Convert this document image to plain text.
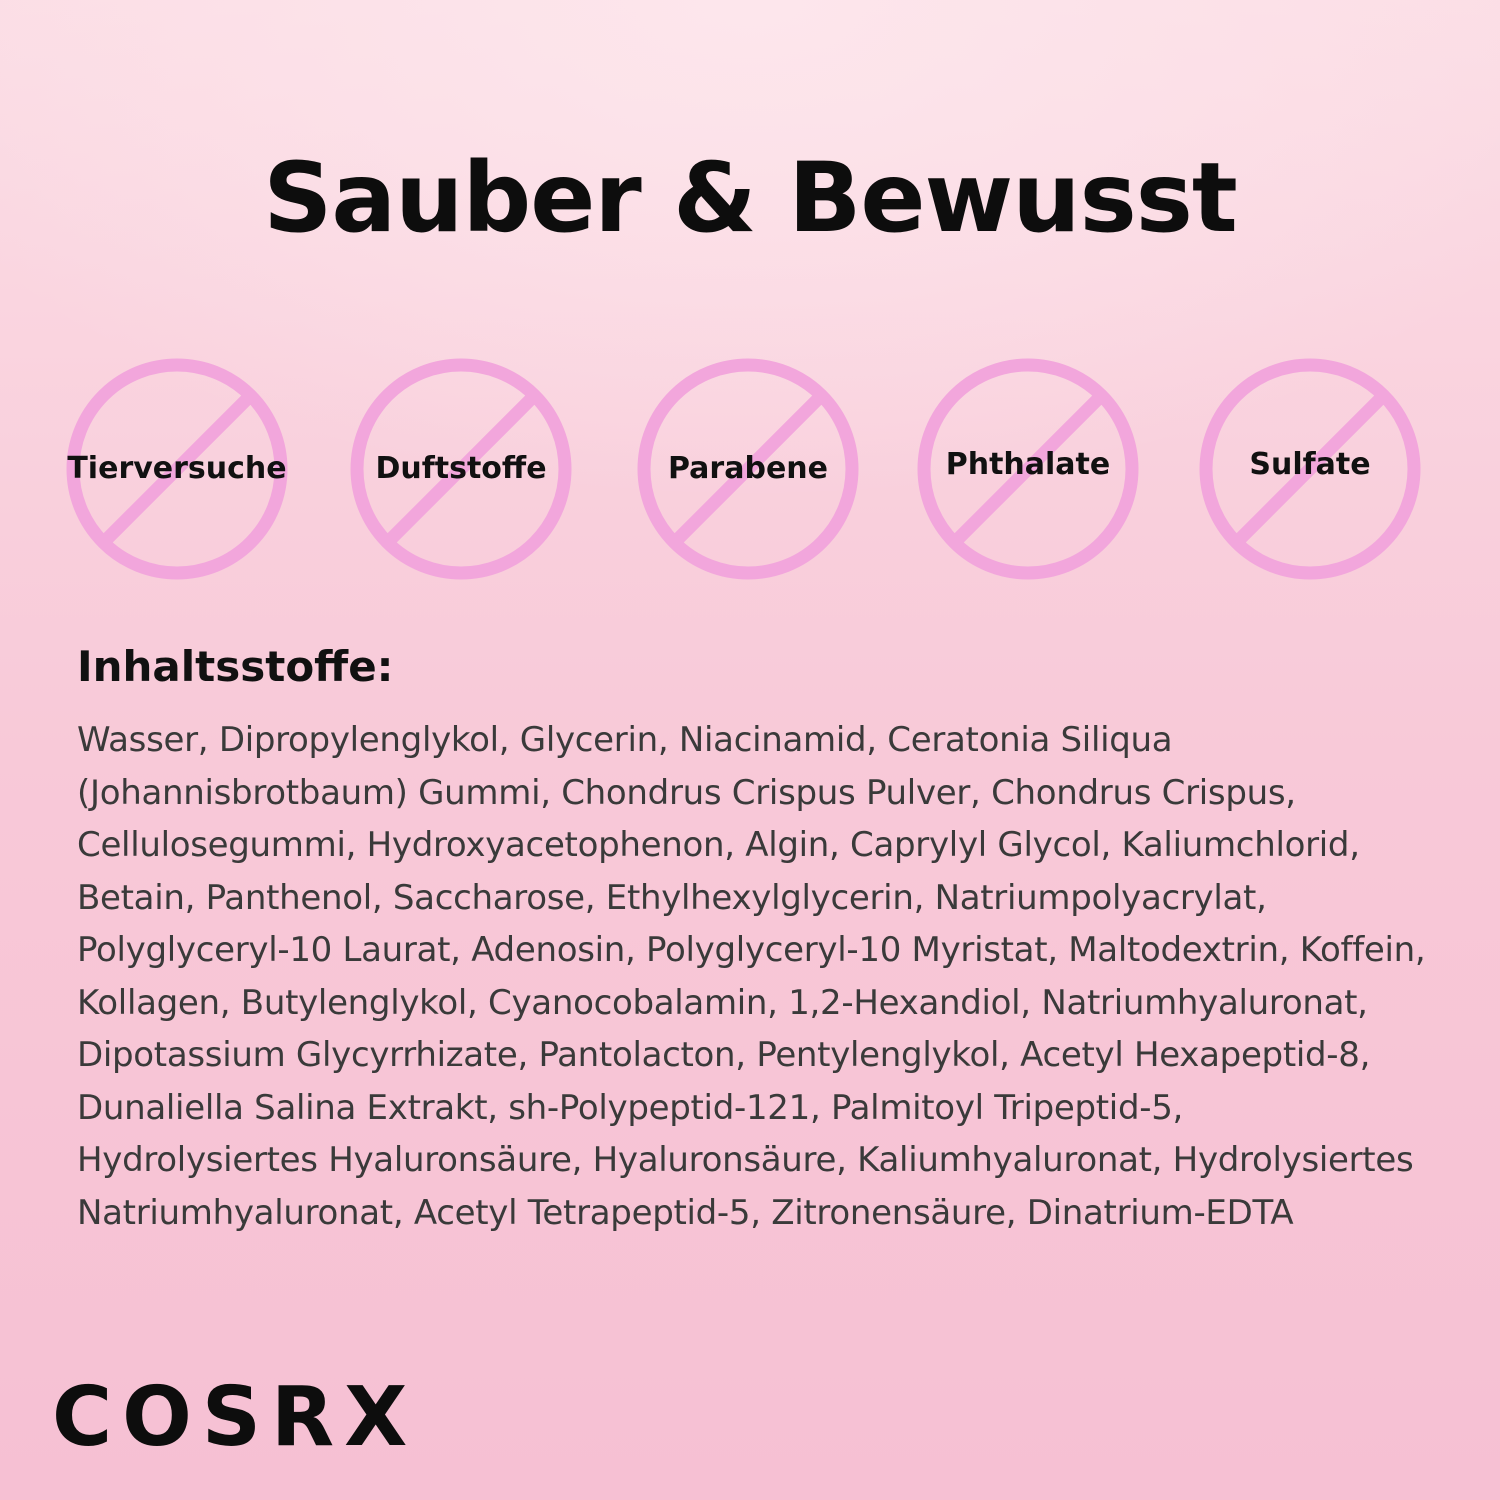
Sauber & Bewusst
Tierversuche	Duftstoffe	Parabene	Phthalate	Sulfate
Inhaltsstoffe:

Wasser, Dipropylenglykol, Glycerin, Niacinamid, Ceratonia Siliqua (Johannisbrotbaum) Gummi, Chondrus Crispus Pulver, Chondrus Crispus, Cellulosegummi, Hydroxyacetophenon, Algin, Caprylyl Glycol, Kaliumchlorid, Betain, Panthenol, Saccharose, Ethylhexylglycerin, Natriumpolyacrylat, Polyglyceryl-10 Laurat, Adenosin, Polyglyceryl-10 Myristat, Maltodextrin, Koffein, Kollagen, Butylenglykol, Cyanocobalamin, 1,2-Hexandiol, Natriumhyaluronat, Dipotassium Glycyrrhizate, Pantolacton, Pentylenglykol, Acetyl Hexapeptid-8, Dunaliella Salina Extrakt, sh-Polypeptid-121, Palmitoyl Tripeptid-5, Hydrolysiertes Hyaluronsäure, Hyaluronsäure, Kaliumhyaluronat, Hydrolysiertes Natriumhyaluronat, Acetyl Tetrapeptid-5, Zitronensäure, Dinatrium-EDTA

COSRX
